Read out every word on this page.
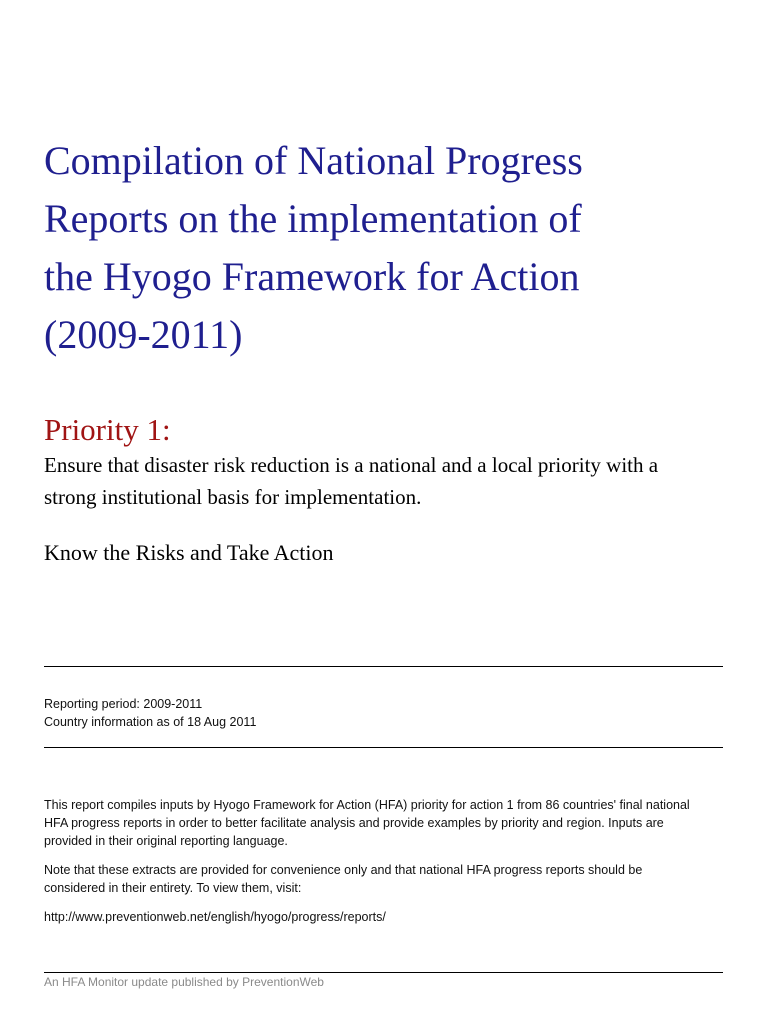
Compilation of National Progress
Reports on the implementation of
the Hyogo Framework for Action
(2009-2011)
Priority 1:

Ensure that disaster risk reduction is a national and a local priority with a
strong institutional basis for implementation.

Know the Risks and Take Action

Reporting period: 2009-2011
Country information as of 18 Aug 2011

This report compiles inputs by Hyogo Framework for Action (HFA) priority for action 1 from 86 countries' final national
HFA progress reports in order to better facilitate analysis and provide examples by priority and region. Inputs are
provided in their original reporting language.

Note that these extracts are provided for convenience only and that national HFA progress reports should be
considered in their entirety. To view them, visit:

http://www.preventionweb.net/english/hyogo/progress/reports/

An HFA Monitor update published by PreventionWeb
